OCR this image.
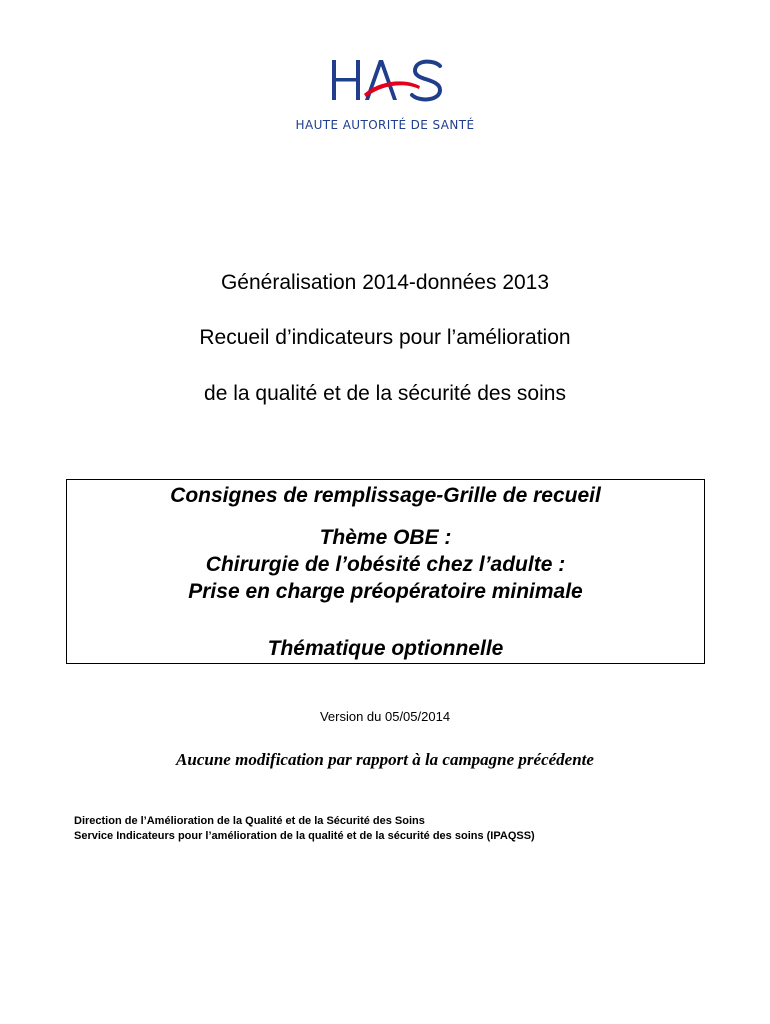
HAUTE AUTORITÉ DE SANTÉ
Généralisation 2014-données 2013
Recueil d’indicateurs pour l’amélioration
de la qualité et de la sécurité des soins
Consignes de remplissage-Grille de recueil
Thème OBE :
Chirurgie de l’obésité chez l’adulte :
Prise en charge préopératoire minimale
Thématique optionnelle
Version du 05/05/2014
Aucune modification par rapport à la campagne précédente
Direction de l’Amélioration de la Qualité et de la Sécurité des Soins
Service Indicateurs pour l’amélioration de la qualité et de la sécurité des soins (IPAQSS)
